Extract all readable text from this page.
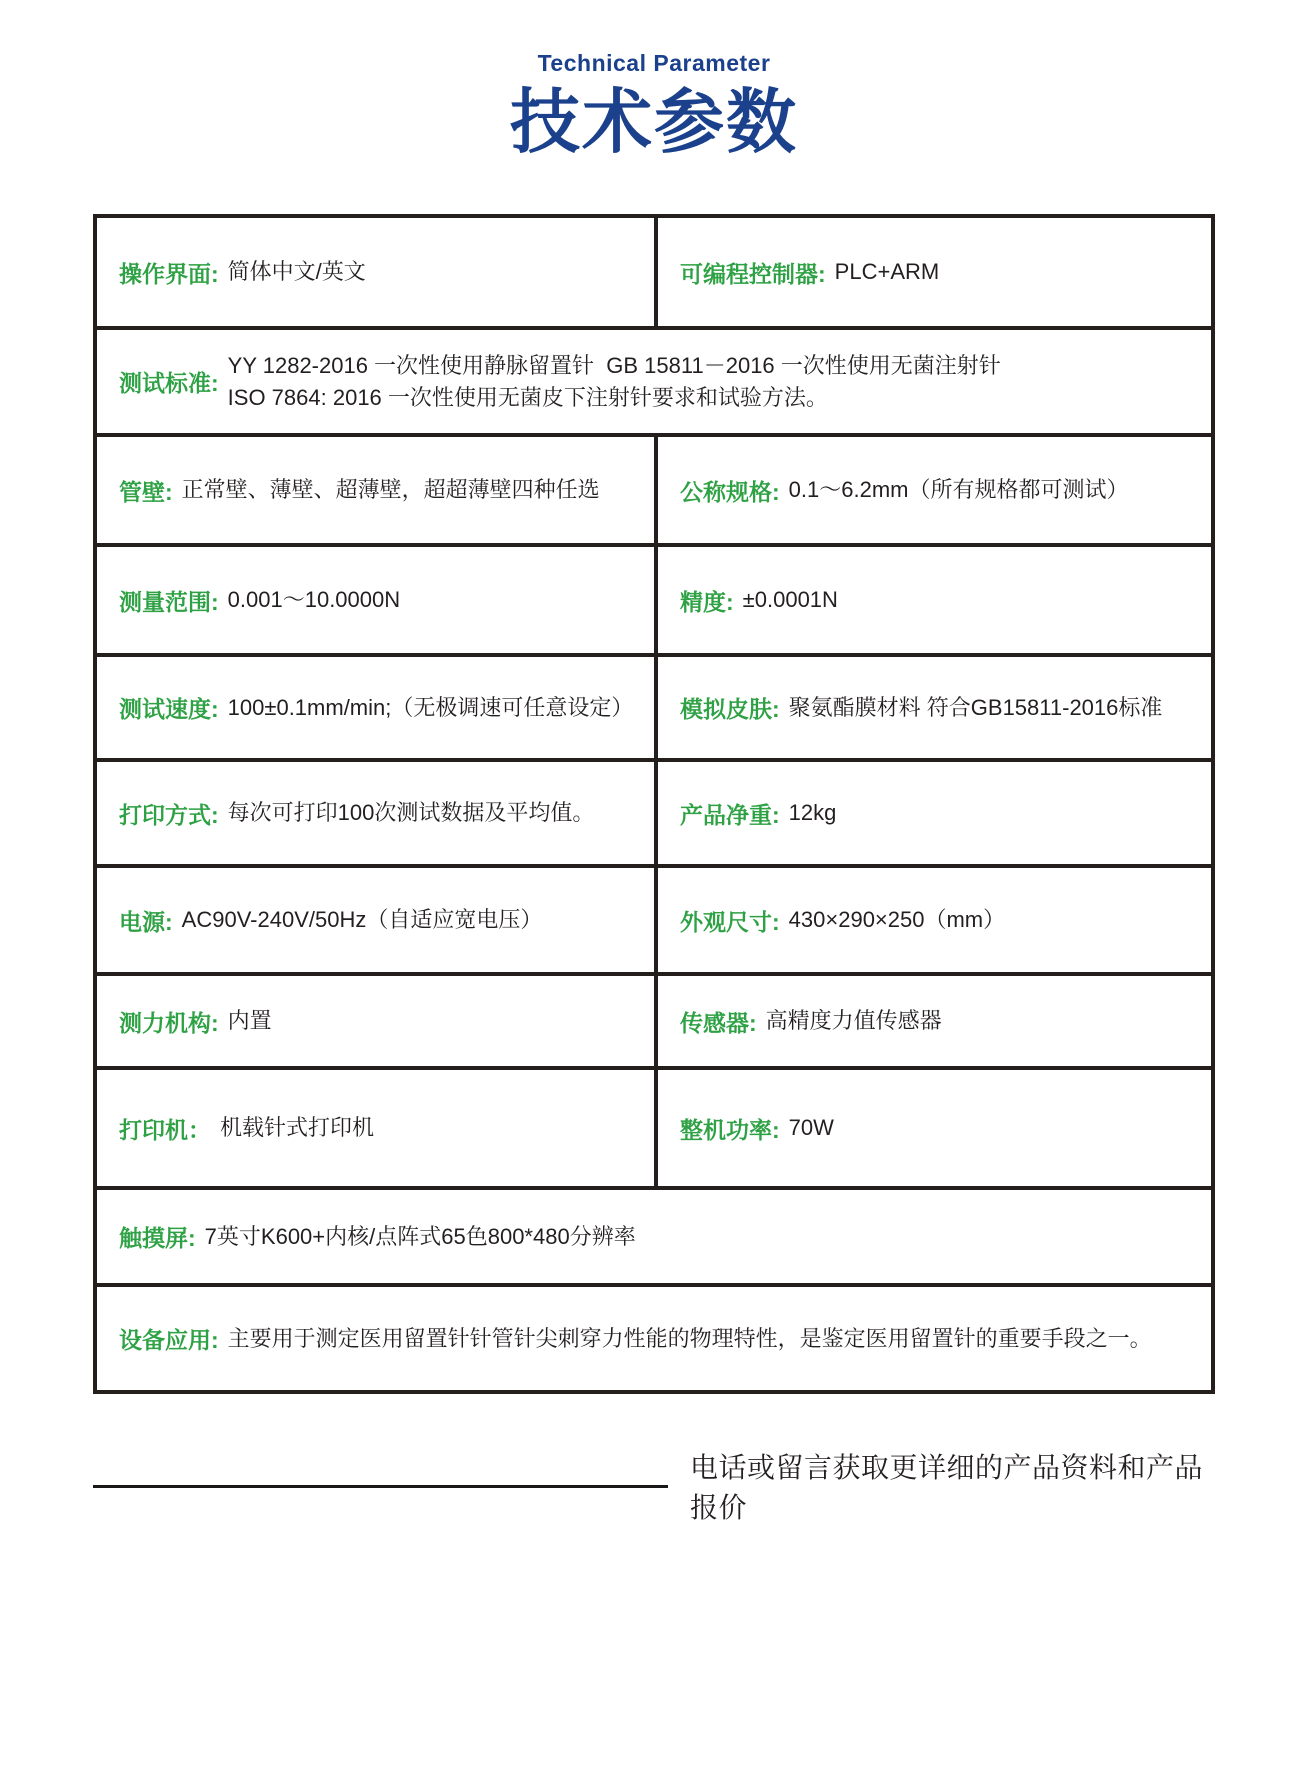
Technical Parameter
技术参数
操作界面: 简体中文/英文	可编程控制器: PLC+ARM
测试标准:
YY 1282-2016 一次性使用静脉留置针  GB 15811－2016 一次性使用无菌注射针
ISO 7864: 2016 一次性使用无菌皮下注射针要求和试验方法。
管壁: 正常壁、薄壁、超薄壁，超超薄壁四种任选	公称规格: 0.1～6.2mm（所有规格都可测试）
测量范围: 0.001～10.0000N	精度: ±0.0001N
测试速度: 100±0.1mm/min;（无极调速可任意设定） 模拟皮肤: 聚氨酯膜材料 符合GB15811-2016标准
打印方式: 每次可打印100次测试数据及平均值。	产品净重: 12kg
电源: AC90V-240V/50Hz（自适应宽电压）	外观尺寸: 430×290×250（mm）
测力机构: 内置	传感器: 高精度力值传感器
打印机： 机载针式打印机	整机功率: 70W
触摸屏: 7英寸K600+内核/点阵式65色800*480分辨率
设备应用: 主要用于测定医用留置针针管针尖刺穿力性能的物理特性，是鉴定医用留置针的重要手段之一。
电话或留言获取更详细的产品资料和产品报价
